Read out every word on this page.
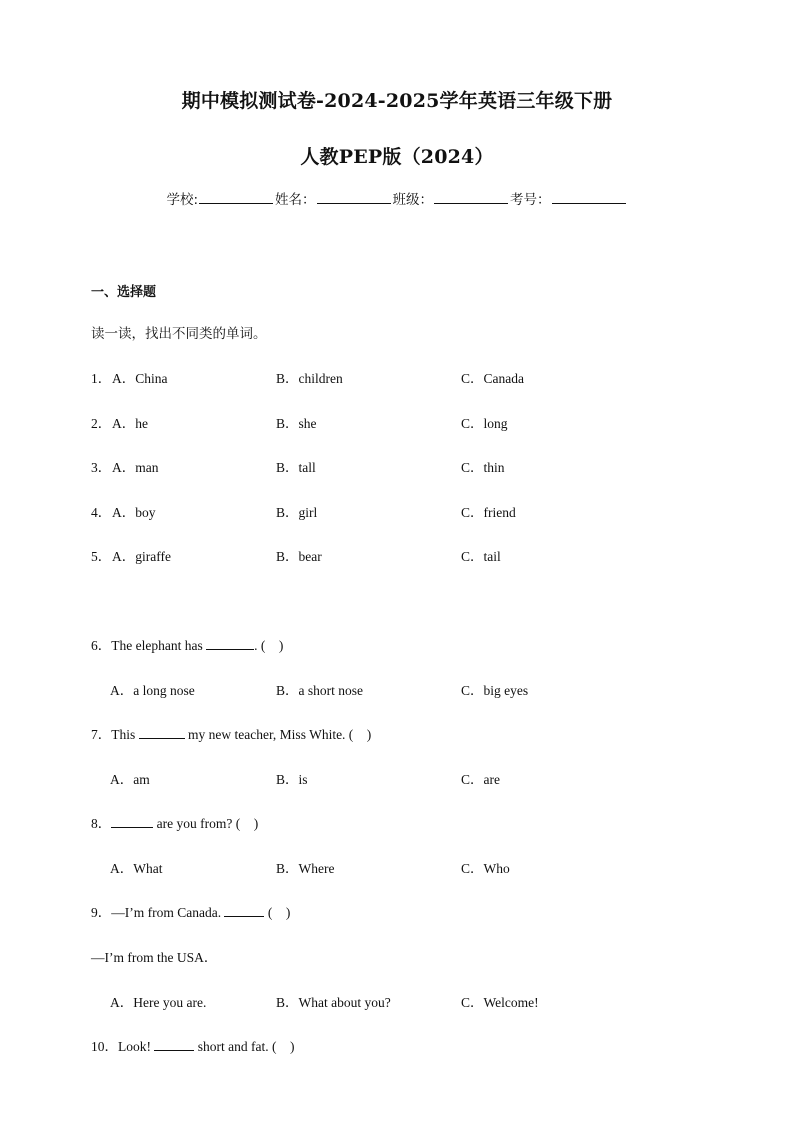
期中模拟测试卷-2024-2025学年英语三年级下册
人教PEP版（2024）
学校:	姓名：	班级：	考号：
一、选择题
读一读，找出不同类的单词。
1． A．China	B．children	C．Canada
2． A．he	B．she	C．long
3． A．man	B．tall	C．thin
4． A．boy	B．girl	C．friend
5． A．giraffe	B．bear	C．tail
6．The elephant has	. (　)
A．a long nose	B．a short nose	C．big eyes
7．This	my new teacher, Miss White. (　)
A．am	B．is	C．are
8．	are you from? (　)
A．What	B．Where	C．Who
9．—I’m from Canada.	(　)
—I’m from the USA．
A．Here you are.	B．What about you?	C．Welcome!
10．Look!	short and fat. (　)
